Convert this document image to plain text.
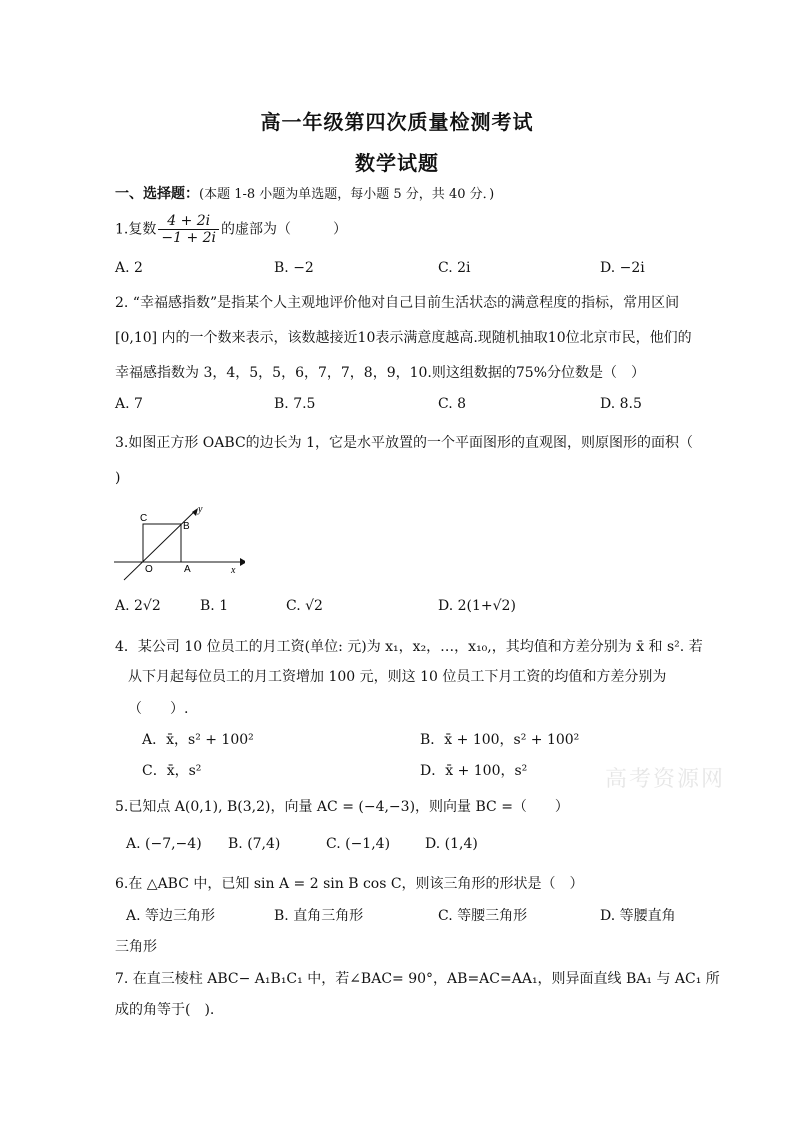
高一年级第四次质量检测考试
数学试题
一、选择题：(本题 1-8 小题为单选题，每小题 5 分，共 40 分．)
1.复数 $\frac{4 + 2i}{-1 + 2i}$ 的虚部为（　　　）
A. 2	B. −2	C. 2i	D. −2i
2. “幸福感指数”是指某个人主观地评价他对自己目前生活状态的满意程度的指标，常用区间
[0,10] 内的一个数来表示，该数越接近10表示满意度越高.现随机抽取10位北京市民，他们的
幸福感指数为 3，4，5，5，6，7，7，8，9，10.则这组数据的75%分位数是（　）
A. 7	B. 7.5	C. 8	D. 8.5
3.如图正方形 OABC的边长为 1，它是水平放置的一个平面图形的直观图，则原图形的面积（
)
C
B
O	A	x
y
A. 2√2	B. 1	C. √2	D. 2(1+√2)
4．某公司 10 位员工的月工资(单位: 元)为 x₁，x₂，…，x₁₀,，其均值和方差分别为 x̄ 和 s². 若
从下月起每位员工的月工资增加 100 元，则这 10 位员工下月工资的均值和方差分别为
（　　）.
A．x̄，s² + 100²	B．x̄ + 100，s² + 100²
C．x̄，s²	D．x̄ + 100，s²	高考资源网
5.已知点 A(0,1), B(3,2)，向量 AC = (−4,−3)，则向量 BC =（　　）
A. (−7,−4) B. (7,4)	C. (−1,4) D. (1,4)
6.在 △ABC 中，已知 sin A = 2 sin B cos C，则该三角形的形状是（　）
A. 等边三角形	B. 直角三角形	C. 等腰三角形	D. 等腰直角
三角形
7. 在直三棱柱 ABC− A₁B₁C₁ 中，若∠BAC= 90°，AB=AC=AA₁，则异面直线 BA₁ 与 AC₁ 所
成的角等于(　).
